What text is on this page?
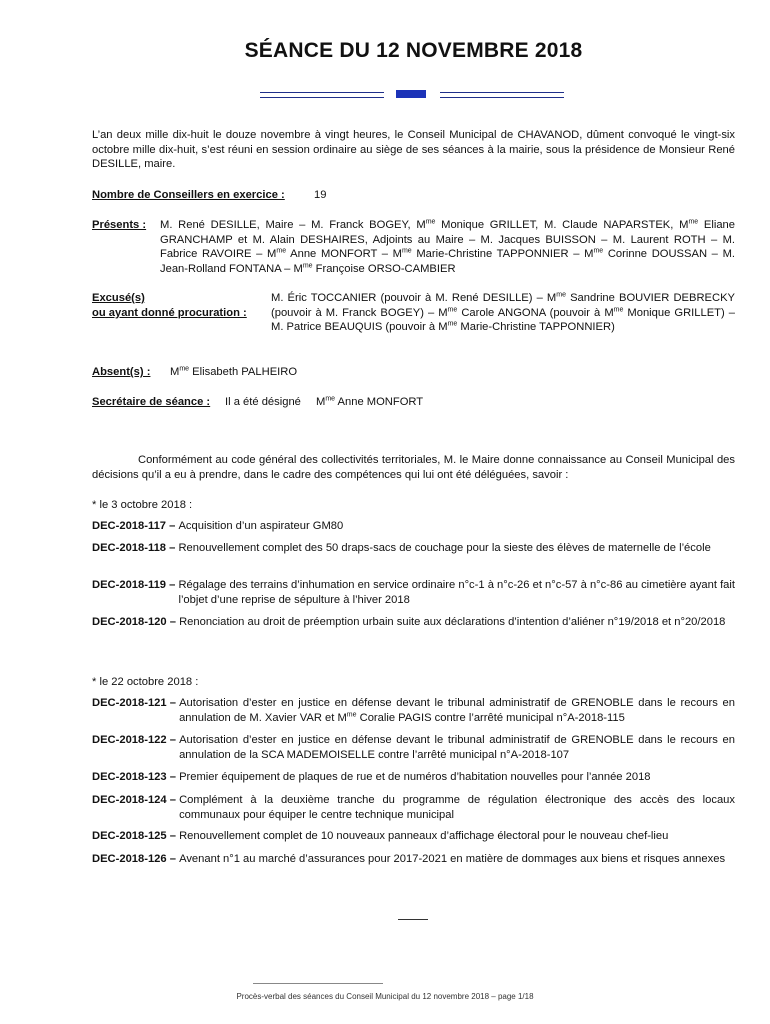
SÉANCE DU 12 NOVEMBRE 2018

L’an deux mille dix-huit le douze novembre à vingt heures, le Conseil Municipal de CHAVANOD, dûment convoqué le vingt-six octobre mille dix-huit, s’est réuni en session ordinaire au siège de ses séances à la mairie, sous la présidence de Monsieur René DESILLE, maire.

Nombre de Conseillers en exercice :	19
Présents :	M. René DESILLE, Maire – M. Franck BOGEY, $M^{me}$ Monique GRILLET, M. Claude NAPARSTEK, $M^{me}$ Eliane GRANCHAMP et M. Alain DESHAIRES, Adjoints au Maire – M. Jacques BUISSON – M. Laurent ROTH – M. Fabrice RAVOIRE – $M^{me}$ Anne MONFORT – $M^{me}$ Marie-Christine TAPPONNIER – $M^{me}$ Corinne DOUSSAN – M. Jean-Rolland FONTANA – $M^{me}$ Françoise ORSO-CAMBIER
Excusé(s)
ou ayant donné procuration :
M. Éric TOCCANIER (pouvoir à M. René DESILLE) – $M^{me}$ Sandrine BOUVIER DEBRECKY (pouvoir à M. Franck BOGEY) – $M^{me}$ Carole ANGONA (pouvoir à $M^{me}$ Monique GRILLET) – M. Patrice BEAUQUIS (pouvoir à $M^{me}$ Marie-Christine TAPPONNIER)
Absent(s) : $M^{me}$ Elisabeth PALHEIRO
Secrétaire de séance : Il a été désigné $M^{me}$ Anne MONFORT

Conformément au code général des collectivités territoriales, M. le Maire donne connaissance au Conseil Municipal des décisions qu’il a eu à prendre, dans le cadre des compétences qui lui ont été déléguées, savoir :

* le 3 octobre 2018 :
DEC-2018-117 –
Acquisition d’un aspirateur GM80
DEC-2018-118 –
Renouvellement complet des 50 draps-sacs de couchage pour la sieste des élèves de maternelle de l’école
DEC-2018-119 –
Régalage des terrains d’inhumation en service ordinaire n°c-1 à n°c-26 et n°c-57 à n°c-86 au cimetière ayant fait l’objet d’une reprise de sépulture à l’hiver 2018
DEC-2018-120 –
Renonciation au droit de préemption urbain suite aux déclarations d’intention d’aliéner n°19/2018 et n°20/2018
* le 22 octobre 2018 :
DEC-2018-121 –
Autorisation d’ester en justice en défense devant le tribunal administratif de GRENOBLE dans le recours en annulation de M. Xavier VAR et $M^{me}$ Coralie PAGIS contre l’arrêté municipal n°A-2018-115
DEC-2018-122 –
Autorisation d’ester en justice en défense devant le tribunal administratif de GRENOBLE dans le recours en annulation de la SCA MADEMOISELLE contre l’arrêté municipal n°A-2018-107
DEC-2018-123 –
Premier équipement de plaques de rue et de numéros d’habitation nouvelles pour l’année 2018
DEC-2018-124 –
Complément à la deuxième tranche du programme de régulation électronique des accès des locaux communaux pour équiper le centre technique municipal
DEC-2018-125 –
Renouvellement complet de 10 nouveaux panneaux d’affichage électoral pour le nouveau chef-lieu
DEC-2018-126 –
Avenant n°1 au marché d’assurances pour 2017-2021 en matière de dommages aux biens et risques annexes
Procès-verbal des séances du Conseil Municipal du 12 novembre 2018 – page 1/18
